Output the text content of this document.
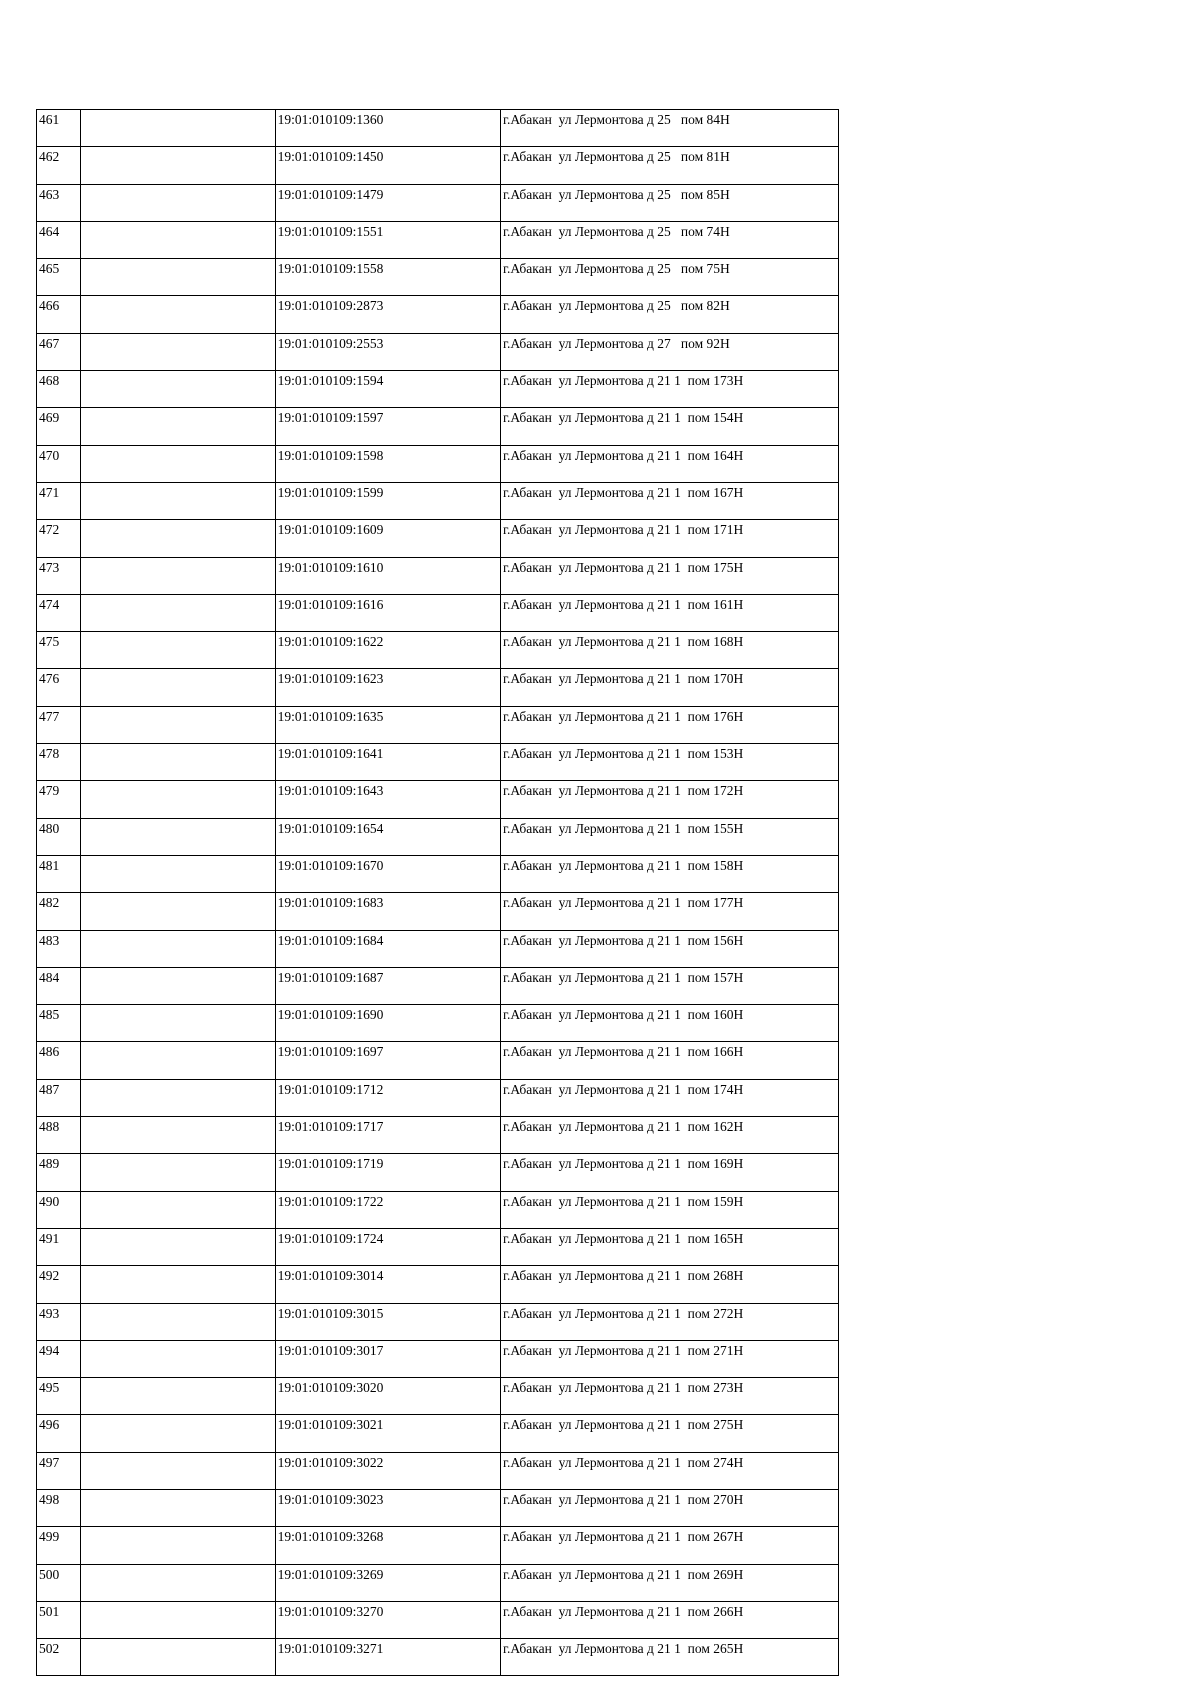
461		19:01:010109:1360	г.Абакан  ул Лермонтова д 25   пом 84Н
462		19:01:010109:1450	г.Абакан  ул Лермонтова д 25   пом 81Н
463		19:01:010109:1479	г.Абакан  ул Лермонтова д 25   пом 85Н
464		19:01:010109:1551	г.Абакан  ул Лермонтова д 25   пом 74Н
465		19:01:010109:1558	г.Абакан  ул Лермонтова д 25   пом 75Н
466		19:01:010109:2873	г.Абакан  ул Лермонтова д 25   пом 82Н
467		19:01:010109:2553	г.Абакан  ул Лермонтова д 27   пом 92Н
468		19:01:010109:1594	г.Абакан  ул Лермонтова д 21 1  пом 173Н
469		19:01:010109:1597	г.Абакан  ул Лермонтова д 21 1  пом 154Н
470		19:01:010109:1598	г.Абакан  ул Лермонтова д 21 1  пом 164Н
471		19:01:010109:1599	г.Абакан  ул Лермонтова д 21 1  пом 167Н
472		19:01:010109:1609	г.Абакан  ул Лермонтова д 21 1  пом 171Н
473		19:01:010109:1610	г.Абакан  ул Лермонтова д 21 1  пом 175Н
474		19:01:010109:1616	г.Абакан  ул Лермонтова д 21 1  пом 161Н
475		19:01:010109:1622	г.Абакан  ул Лермонтова д 21 1  пом 168Н
476		19:01:010109:1623	г.Абакан  ул Лермонтова д 21 1  пом 170Н
477		19:01:010109:1635	г.Абакан  ул Лермонтова д 21 1  пом 176Н
478		19:01:010109:1641	г.Абакан  ул Лермонтова д 21 1  пом 153Н
479		19:01:010109:1643	г.Абакан  ул Лермонтова д 21 1  пом 172Н
480		19:01:010109:1654	г.Абакан  ул Лермонтова д 21 1  пом 155Н
481		19:01:010109:1670	г.Абакан  ул Лермонтова д 21 1  пом 158Н
482		19:01:010109:1683	г.Абакан  ул Лермонтова д 21 1  пом 177Н
483		19:01:010109:1684	г.Абакан  ул Лермонтова д 21 1  пом 156Н
484		19:01:010109:1687	г.Абакан  ул Лермонтова д 21 1  пом 157Н
485		19:01:010109:1690	г.Абакан  ул Лермонтова д 21 1  пом 160Н
486		19:01:010109:1697	г.Абакан  ул Лермонтова д 21 1  пом 166Н
487		19:01:010109:1712	г.Абакан  ул Лермонтова д 21 1  пом 174Н
488		19:01:010109:1717	г.Абакан  ул Лермонтова д 21 1  пом 162Н
489		19:01:010109:1719	г.Абакан  ул Лермонтова д 21 1  пом 169Н
490		19:01:010109:1722	г.Абакан  ул Лермонтова д 21 1  пом 159Н
491		19:01:010109:1724	г.Абакан  ул Лермонтова д 21 1  пом 165Н
492		19:01:010109:3014	г.Абакан  ул Лермонтова д 21 1  пом 268Н
493		19:01:010109:3015	г.Абакан  ул Лермонтова д 21 1  пом 272Н
494		19:01:010109:3017	г.Абакан  ул Лермонтова д 21 1  пом 271Н
495		19:01:010109:3020	г.Абакан  ул Лермонтова д 21 1  пом 273Н
496		19:01:010109:3021	г.Абакан  ул Лермонтова д 21 1  пом 275Н
497		19:01:010109:3022	г.Абакан  ул Лермонтова д 21 1  пом 274Н
498		19:01:010109:3023	г.Абакан  ул Лермонтова д 21 1  пом 270Н
499		19:01:010109:3268	г.Абакан  ул Лермонтова д 21 1  пом 267Н
500		19:01:010109:3269	г.Абакан  ул Лермонтова д 21 1  пом 269Н
501		19:01:010109:3270	г.Абакан  ул Лермонтова д 21 1  пом 266Н
502		19:01:010109:3271	г.Абакан  ул Лермонтова д 21 1  пом 265Н
